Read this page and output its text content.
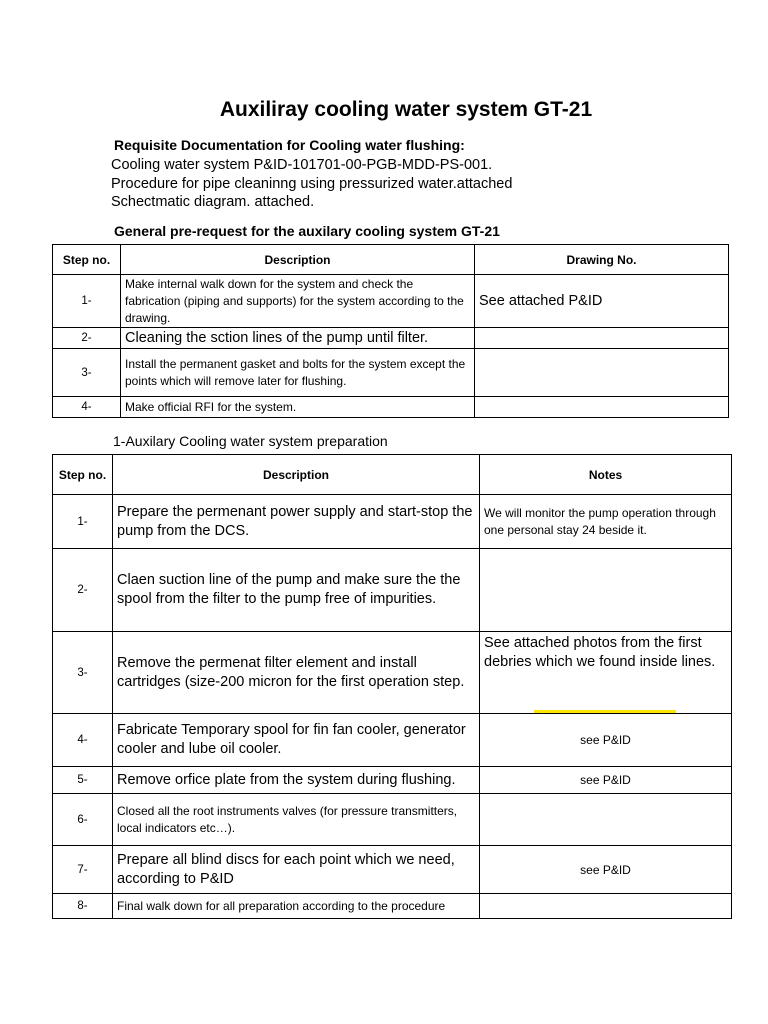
Auxiliray cooling water system GT-21
Requisite Documentation for Cooling water flushing:
Cooling water system P&ID-101701-00-PGB-MDD-PS-001.
Procedure for pipe cleaninng using pressurized water.attached
Schectmatic diagram. attached.
General pre-request for the auxilary cooling system GT-21
Step no.	Description	Drawing No.
1-	Make internal walk down for the system and check the fabrication (piping and supports) for the system according to the drawing.	See attached P&ID
2-	Cleaning the sction lines of the pump until filter.	
3-	Install the permanent gasket and bolts for the system except the points which will remove later for flushing.	
4-	Make official RFI for the system.	
1-Auxilary Cooling water system preparation
Step no.	Description	Notes
1-	Prepare the permenant power supply and start-stop the pump from the DCS.	We will monitor the pump operation through one personal stay 24 beside it.
2-	Claen suction line of the pump and make sure the the spool from the filter to the pump free of impurities.	
3-	Remove the permenat filter element and install cartridges (size-200 micron for the first operation step.	See attached photos from the first debries which we found inside lines.
4-	Fabricate Temporary spool for fin fan cooler, generator cooler and lube oil cooler.	see P&ID
5-	Remove orfice plate from the system during flushing.	see P&ID
6-	Closed all the root instruments valves (for pressure transmitters, local indicators etc…).	
7-	Prepare all blind discs for each point which we need, according to P&ID	see P&ID
8-	Final walk down for all preparation according to the procedure	
